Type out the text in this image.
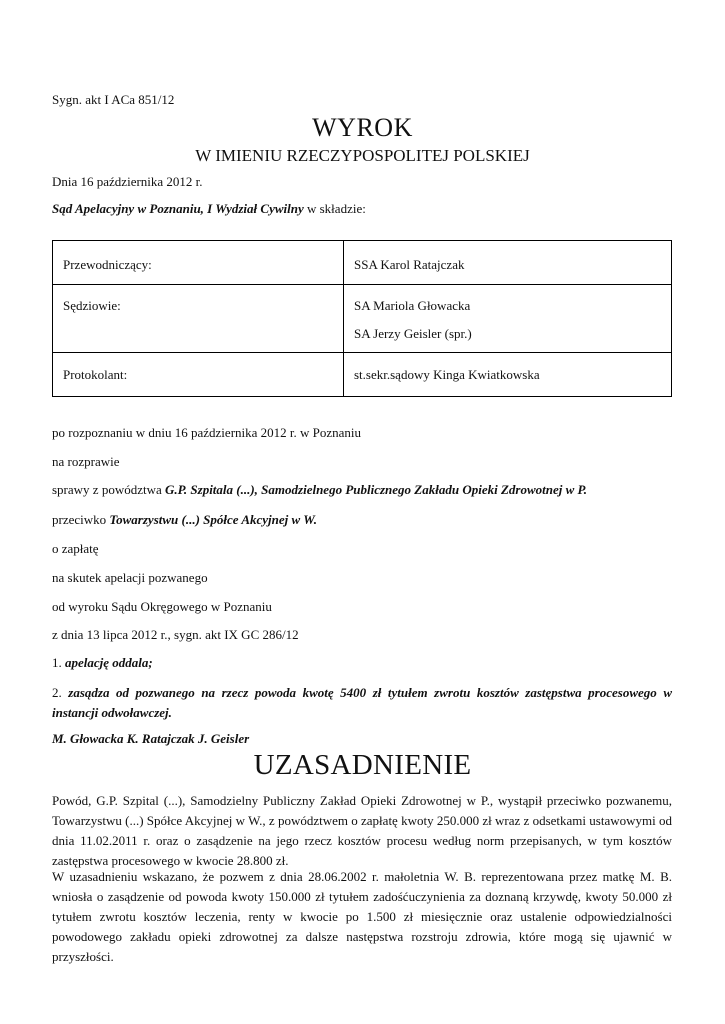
Sygn. akt I ACa 851/12
WYROK
W IMIENIU RZECZYPOSPOLITEJ POLSKIEJ
Dnia 16 października 2012 r.
Sąd Apelacyjny w Poznaniu, I Wydział Cywilny w składzie:
Przewodniczący:	SSA Karol Ratajczak
Sędziowie:	SA Mariola Głowacka
SA Jerzy Geisler (spr.)

Protokolant:	st.sekr.sądowy Kinga Kwiatkowska
po rozpoznaniu w dniu 16 października 2012 r. w Poznaniu
na rozprawie
sprawy z powództwa G.P. Szpitala (...), Samodzielnego Publicznego Zakładu Opieki Zdrowotnej w P.
przeciwko Towarzystwu (...) Spółce Akcyjnej w W.
o zapłatę
na skutek apelacji pozwanego
od wyroku Sądu Okręgowego w Poznaniu
z dnia 13 lipca 2012 r., sygn. akt IX GC 286/12
1. apelację oddala;
2. zasądza od pozwanego na rzecz powoda kwotę 5400 zł tytułem zwrotu kosztów zastępstwa procesowego w instancji odwoławczej.
M. Głowacka K. Ratajczak J. Geisler
UZASADNIENIE
Powód, G.P. Szpital (...), Samodzielny Publiczny Zakład Opieki Zdrowotnej w P., wystąpił przeciwko pozwanemu, Towarzystwu (...) Spółce Akcyjnej w W., z powództwem o zapłatę kwoty 250.000 zł wraz z odsetkami ustawowymi od dnia 11.02.2011 r. oraz o zasądzenie na jego rzecz kosztów procesu według norm przepisanych, w tym kosztów zastępstwa procesowego w kwocie 28.800 zł.
W uzasadnieniu wskazano, że pozwem z dnia 28.06.2002 r. małoletnia W. B. reprezentowana przez matkę M. B. wniosła o zasądzenie od powoda kwoty 150.000 zł tytułem zadośćuczynienia za doznaną krzywdę, kwoty 50.000 zł tytułem zwrotu kosztów leczenia, renty w kwocie po 1.500 zł miesięcznie oraz ustalenie odpowiedzialności powodowego zakładu opieki zdrowotnej za dalsze następstwa rozstroju zdrowia, które mogą się ujawnić w przyszłości.
